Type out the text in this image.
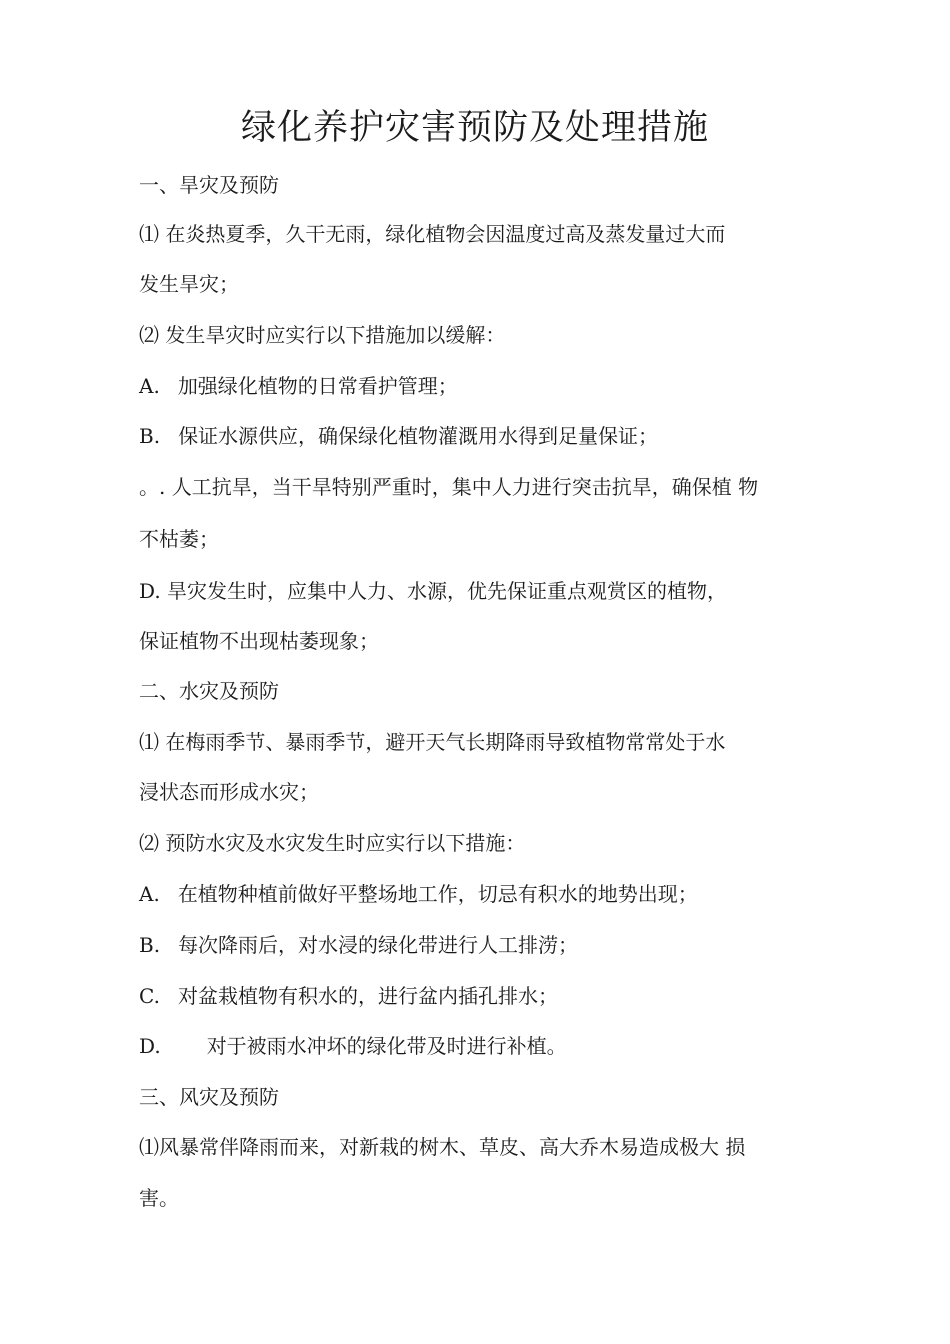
绿化养护灾害预防及处理措施

一、旱灾及预防

⑴ 在炎热夏季，久干无雨，绿化植物会因温度过高及蒸发量过大而

发生旱灾；

⑵ 发生旱灾时应实行以下措施加以缓解：

A. 加强绿化植物的日常看护管理；

B. 保证水源供应，确保绿化植物灌溉用水得到足量保证；

。. 人工抗旱，当干旱特别严重时，集中人力进行突击抗旱，确保植 物

不枯萎；

D. 旱灾发生时，应集中人力、水源，优先保证重点观赏区的植物，

保证植物不出现枯萎现象；

二、水灾及预防

⑴ 在梅雨季节、暴雨季节，避开天气长期降雨导致植物常常处于水

浸状态而形成水灾；

⑵ 预防水灾及水灾发生时应实行以下措施：

A. 在植物种植前做好平整场地工作，切忌有积水的地势出现；

B. 每次降雨后，对水浸的绿化带进行人工排涝；

C. 对盆栽植物有积水的，进行盆内插孔排水；

D. 对于被雨水冲坏的绿化带及时进行补植。

三、风灾及预防

⑴风暴常伴降雨而来，对新栽的树木、草皮、高大乔木易造成极大 损

害。
